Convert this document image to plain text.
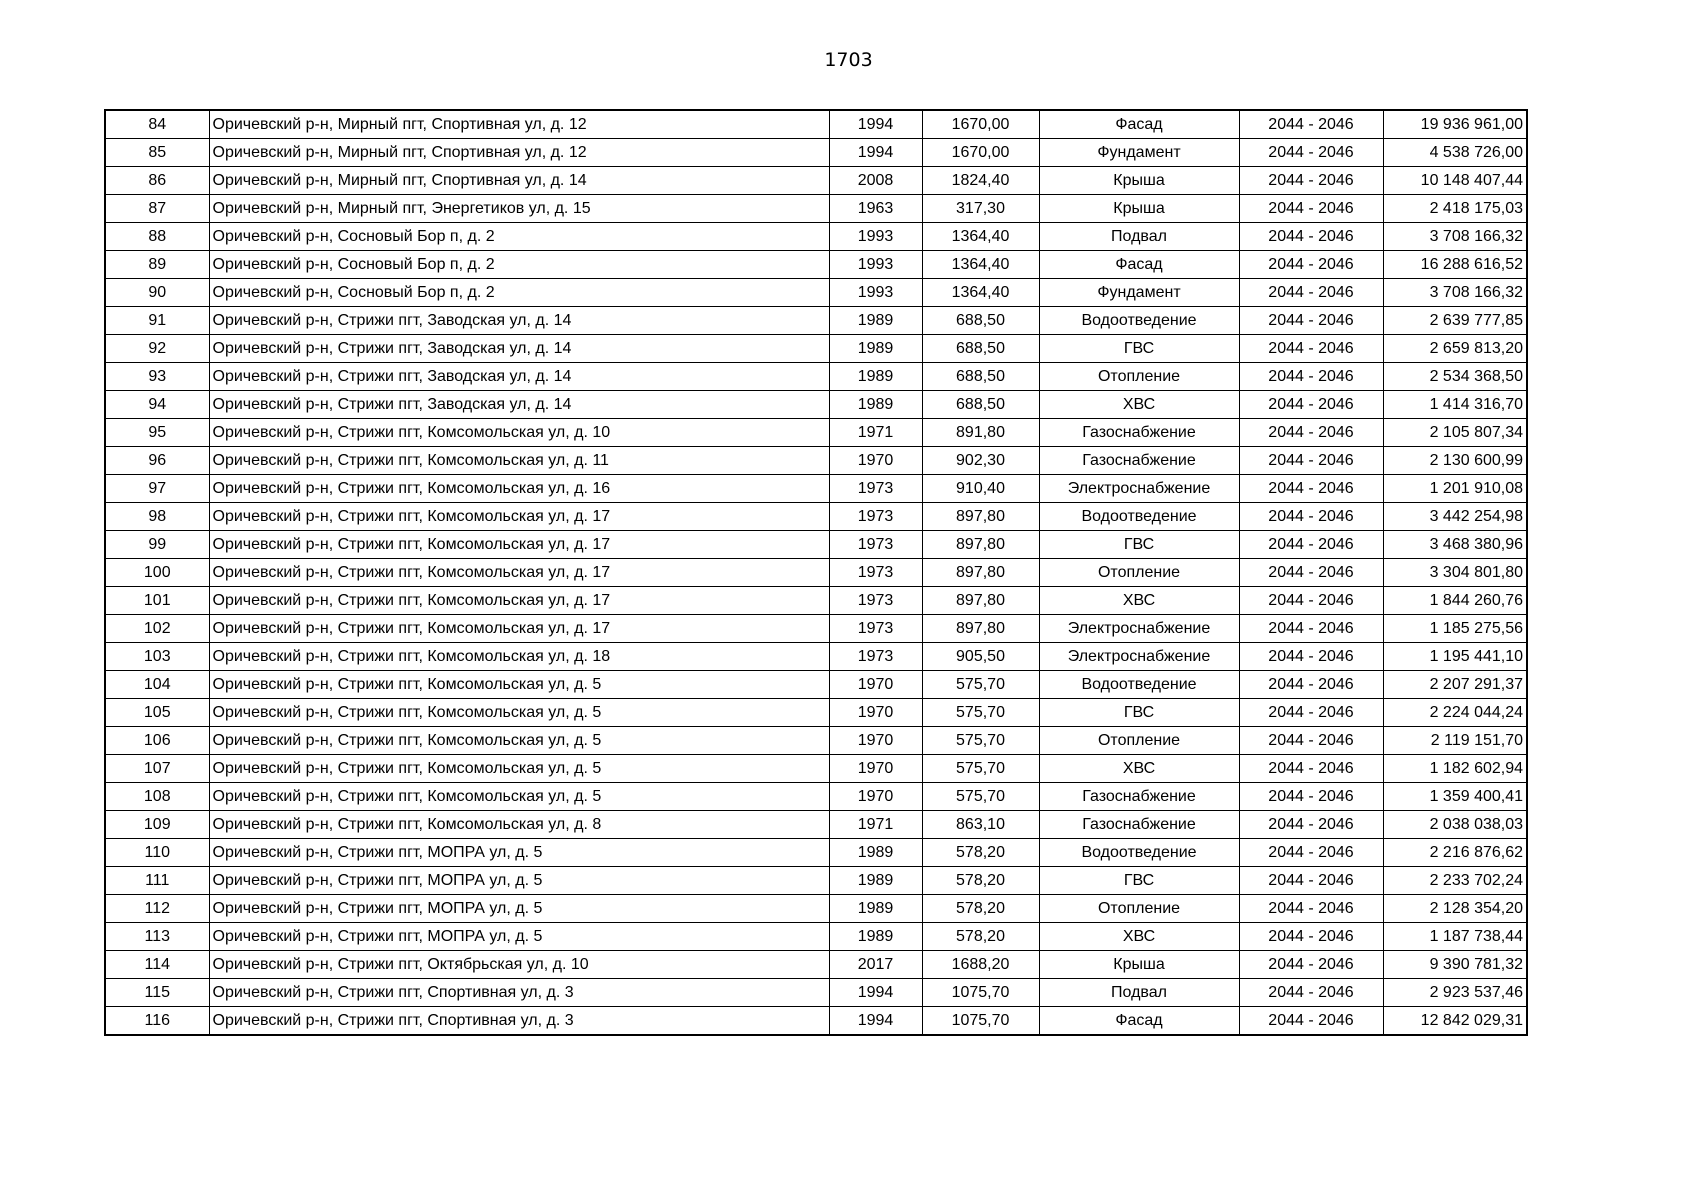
1703
84	Оричевский р-н, Мирный пгт, Спортивная ул, д. 12	1994	1670,00	Фасад	2044 - 2046	19 936 961,00
85	Оричевский р-н, Мирный пгт, Спортивная ул, д. 12	1994	1670,00	Фундамент	2044 - 2046	4 538 726,00
86	Оричевский р-н, Мирный пгт, Спортивная ул, д. 14	2008	1824,40	Крыша	2044 - 2046	10 148 407,44
87	Оричевский р-н, Мирный пгт, Энергетиков ул, д. 15	1963	317,30	Крыша	2044 - 2046	2 418 175,03
88	Оричевский р-н, Сосновый Бор п, д. 2	1993	1364,40	Подвал	2044 - 2046	3 708 166,32
89	Оричевский р-н, Сосновый Бор п, д. 2	1993	1364,40	Фасад	2044 - 2046	16 288 616,52
90	Оричевский р-н, Сосновый Бор п, д. 2	1993	1364,40	Фундамент	2044 - 2046	3 708 166,32
91	Оричевский р-н, Стрижи пгт, Заводская ул, д. 14	1989	688,50	Водоотведение	2044 - 2046	2 639 777,85
92	Оричевский р-н, Стрижи пгт, Заводская ул, д. 14	1989	688,50	ГВС	2044 - 2046	2 659 813,20
93	Оричевский р-н, Стрижи пгт, Заводская ул, д. 14	1989	688,50	Отопление	2044 - 2046	2 534 368,50
94	Оричевский р-н, Стрижи пгт, Заводская ул, д. 14	1989	688,50	ХВС	2044 - 2046	1 414 316,70
95	Оричевский р-н, Стрижи пгт, Комсомольская ул, д. 10	1971	891,80	Газоснабжение	2044 - 2046	2 105 807,34
96	Оричевский р-н, Стрижи пгт, Комсомольская ул, д. 11	1970	902,30	Газоснабжение	2044 - 2046	2 130 600,99
97	Оричевский р-н, Стрижи пгт, Комсомольская ул, д. 16	1973	910,40	Электроснабжение	2044 - 2046	1 201 910,08
98	Оричевский р-н, Стрижи пгт, Комсомольская ул, д. 17	1973	897,80	Водоотведение	2044 - 2046	3 442 254,98
99	Оричевский р-н, Стрижи пгт, Комсомольская ул, д. 17	1973	897,80	ГВС	2044 - 2046	3 468 380,96
100	Оричевский р-н, Стрижи пгт, Комсомольская ул, д. 17	1973	897,80	Отопление	2044 - 2046	3 304 801,80
101	Оричевский р-н, Стрижи пгт, Комсомольская ул, д. 17	1973	897,80	ХВС	2044 - 2046	1 844 260,76
102	Оричевский р-н, Стрижи пгт, Комсомольская ул, д. 17	1973	897,80	Электроснабжение	2044 - 2046	1 185 275,56
103	Оричевский р-н, Стрижи пгт, Комсомольская ул, д. 18	1973	905,50	Электроснабжение	2044 - 2046	1 195 441,10
104	Оричевский р-н, Стрижи пгт, Комсомольская ул, д. 5	1970	575,70	Водоотведение	2044 - 2046	2 207 291,37
105	Оричевский р-н, Стрижи пгт, Комсомольская ул, д. 5	1970	575,70	ГВС	2044 - 2046	2 224 044,24
106	Оричевский р-н, Стрижи пгт, Комсомольская ул, д. 5	1970	575,70	Отопление	2044 - 2046	2 119 151,70
107	Оричевский р-н, Стрижи пгт, Комсомольская ул, д. 5	1970	575,70	ХВС	2044 - 2046	1 182 602,94
108	Оричевский р-н, Стрижи пгт, Комсомольская ул, д. 5	1970	575,70	Газоснабжение	2044 - 2046	1 359 400,41
109	Оричевский р-н, Стрижи пгт, Комсомольская ул, д. 8	1971	863,10	Газоснабжение	2044 - 2046	2 038 038,03
110	Оричевский р-н, Стрижи пгт, МОПРА ул, д. 5	1989	578,20	Водоотведение	2044 - 2046	2 216 876,62
111	Оричевский р-н, Стрижи пгт, МОПРА ул, д. 5	1989	578,20	ГВС	2044 - 2046	2 233 702,24
112	Оричевский р-н, Стрижи пгт, МОПРА ул, д. 5	1989	578,20	Отопление	2044 - 2046	2 128 354,20
113	Оричевский р-н, Стрижи пгт, МОПРА ул, д. 5	1989	578,20	ХВС	2044 - 2046	1 187 738,44
114	Оричевский р-н, Стрижи пгт, Октябрьская ул, д. 10	2017	1688,20	Крыша	2044 - 2046	9 390 781,32
115	Оричевский р-н, Стрижи пгт, Спортивная ул, д. 3	1994	1075,70	Подвал	2044 - 2046	2 923 537,46
116	Оричевский р-н, Стрижи пгт, Спортивная ул, д. 3	1994	1075,70	Фасад	2044 - 2046	12 842 029,31
